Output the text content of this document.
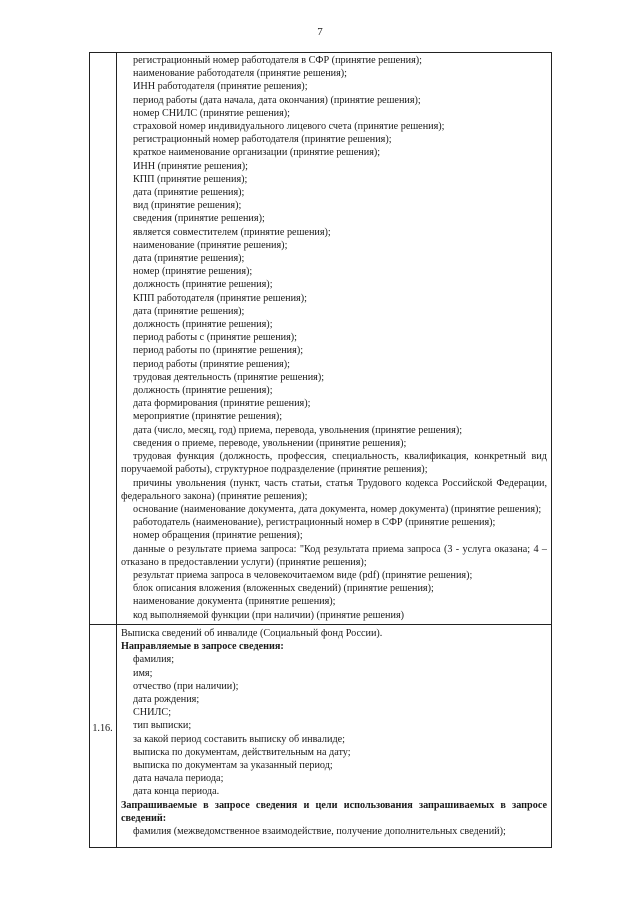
7
1.16.
регистрационный номер работодателя в СФР (принятие решения);
наименование работодателя (принятие решения);
ИНН работодателя (принятие решения);
период работы (дата начала, дата окончания) (принятие решения);
номер СНИЛС (принятие решения);
страховой номер индивидуального лицевого счета (принятие решения);
регистрационный номер работодателя (принятие решения);
краткое наименование организации (принятие решения);
ИНН (принятие решения);
КПП (принятие решения);
дата (принятие решения);
вид (принятие решения);
сведения (принятие решения);
является совместителем (принятие решения);
наименование (принятие решения);
дата (принятие решения);
номер (принятие решения);
должность (принятие решения);
КПП работодателя (принятие решения);
дата (принятие решения);
должность (принятие решения);
период работы с (принятие решения);
период работы по (принятие решения);
период работы (принятие решения);
трудовая деятельность (принятие решения);
должность (принятие решения);
дата формирования (принятие решения);
мероприятие (принятие решения);
дата (число, месяц, год) приема, перевода, увольнения (принятие решения);
сведения о приеме, переводе, увольнении (принятие решения);
трудовая функция (должность, профессия, специальность, квалификация, конкретный вид поручаемой работы), структурное подразделение (принятие решения);
причины увольнения (пункт, часть статьи, статья Трудового кодекса Российской Федерации, федерального закона) (принятие решения);
основание (наименование документа, дата документа, номер документа) (принятие решения);
работодатель (наименование), регистрационный номер в СФР (принятие решения);
номер обращения (принятие решения);
данные о результате приема запроса: "Код результата приема запроса (3 - услуга оказана; 4 – отказано в предоставлении услуги) (принятие решения);
результат приема запроса в человекочитаемом виде (pdf) (принятие решения);
блок описания вложения (вложенных сведений) (принятие решения);
наименование документа (принятие решения);
код выполняемой функции (при наличии) (принятие решения)
Выписка сведений об инвалиде (Социальный фонд России).
Направляемые в запросе сведения:
фамилия;
имя;
отчество (при наличии);
дата рождения;
СНИЛС;
тип выписки;
за какой период составить выписку об инвалиде;
выписка по документам, действительным на дату;
выписка по документам за указанный период;
дата начала периода;
дата конца периода.
Запрашиваемые в запросе сведения и цели использования запрашиваемых в запросе сведений:
фамилия (межведомственное взаимодействие, получение дополнительных сведений);
